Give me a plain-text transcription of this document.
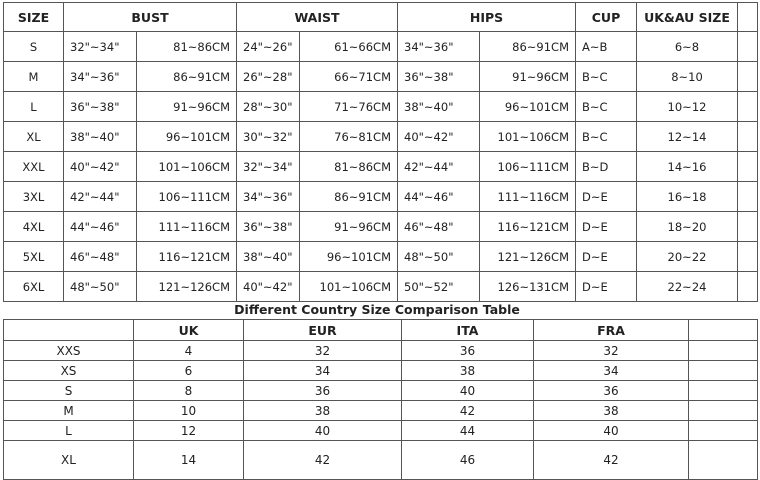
SIZE	BUST		WAIST		HIPS		CUP	UK&AU SIZE	
S	32"~34"	81~86CM	24"~26"	61~66CM	34"~36"	86~91CM	A~B	6~8	
M	34"~36"	86~91CM	26"~28"	66~71CM	36"~38"	91~96CM	B~C	8~10	
L	36"~38"	91~96CM	28"~30"	71~76CM	38"~40"	96~101CM	B~C	10~12	
XL	38"~40"	96~101CM	30"~32"	76~81CM	40"~42"	101~106CM	B~C	12~14	
XXL	40"~42"	101~106CM	32"~34"	81~86CM	42"~44"	106~111CM	B~D	14~16	
3XL	42"~44"	106~111CM	34"~36"	86~91CM	44"~46"	111~116CM	D~E	16~18	
4XL	44"~46"	111~116CM	36"~38"	91~96CM	46"~48"	116~121CM	D~E	18~20	
5XL	46"~48"	116~121CM	38"~40"	96~101CM	48"~50"	121~126CM	D~E	20~22	
6XL	48"~50"	121~126CM	40"~42"	101~106CM	50"~52"	126~131CM	D~E	22~24	
Different Country Size Comparison Table
	UK	EUR	ITA	FRA	
XXS	4	32	36	32	
XS	6	34	38	34	
S	8	36	40	36	
M	10	38	42	38	
L	12	40	44	40	
XL	14	42	46	42	
